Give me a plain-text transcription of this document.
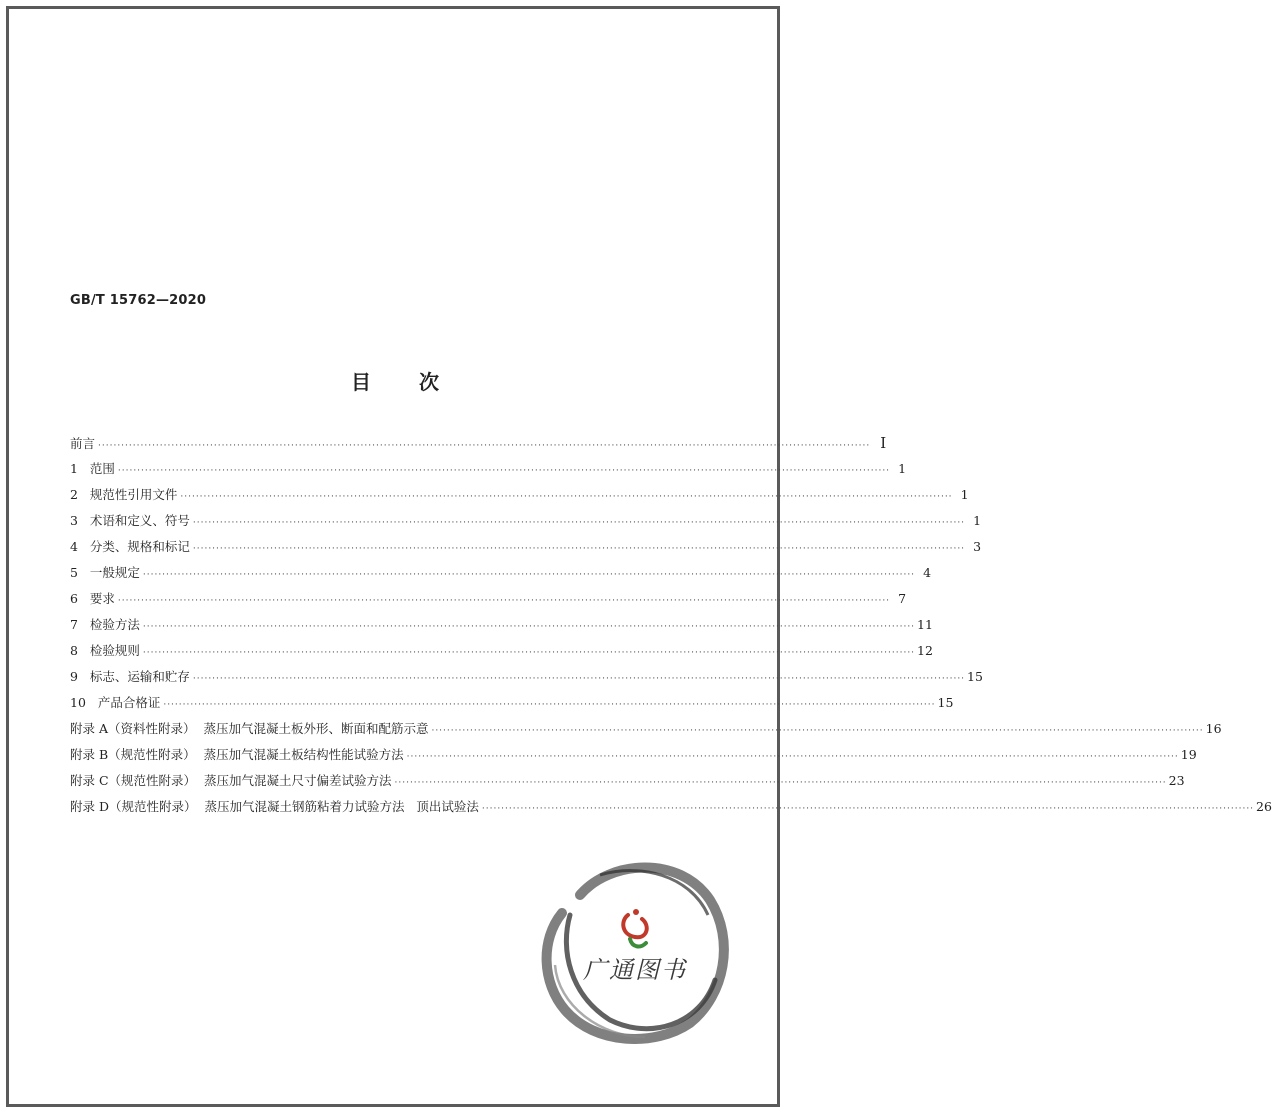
GB/T 15762—2020
目 次
前言 ········································································································································································································ I
1   范围 ········································································································································································································ 1
2   规范性引用文件 ········································································································································································································ 1
3   术语和定义、符号 ········································································································································································································ 1
4   分类、规格和标记 ········································································································································································································ 3
5   一般规定 ········································································································································································································ 4
6   要求 ········································································································································································································ 7
7   检验方法 ········································································································································································································ 11
8   检验规则 ········································································································································································································ 12
9   标志、运输和贮存 ········································································································································································································ 15
10   产品合格证 ········································································································································································································ 15
附录 A（资料性附录）  蒸压加气混凝土板外形、断面和配筋示意 ········································································································································································································ 16
附录 B（规范性附录）  蒸压加气混凝土板结构性能试验方法 ········································································································································································································ 19
附录 C（规范性附录）  蒸压加气混凝土尺寸偏差试验方法 ········································································································································································································ 23
附录 D（规范性附录）  蒸压加气混凝土钢筋粘着力试验方法   顶出试验法 ········································································································································································································ 26
广通图书
